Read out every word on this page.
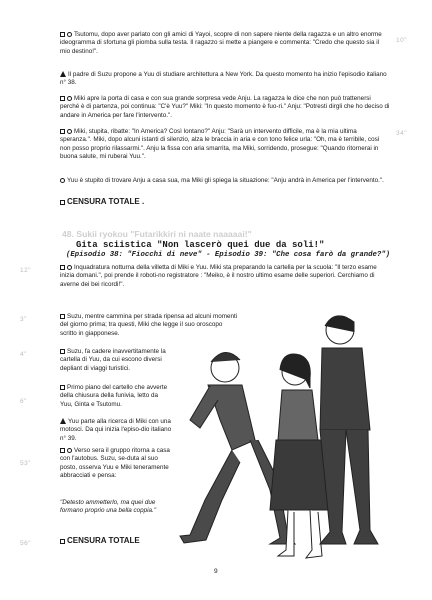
10"
34"
12"
3"
4"
6"
53"
56"

Tsutomu, dopo aver parlato con gli amici di Yayoi, scopre di non sapere niente della ragazza e un altro enorme ideogramma di sfortuna gli piomba sulla testa. Il ragazzo si mette a piangere e commenta: "Credo che questo sia il mio destino!".

Il padre di Suzu propone a Yuu di studiare architettura a New York. Da questo momento ha inizio l'episodio italiano n° 38.

Miki apre la porta di casa e con sua grande sorpresa vede Anju. La ragazza le dice che non può trattenersi perché è di partenza, poi continua: "C'è Yuu?" Miki: "In questo momento è fuo-ri." Anju: "Potresti dirgli che ho deciso di andare in America per fare l'intervento.".

Miki, stupita, ribatte: "In America? Così lontano?" Anju: "Sarà un intervento difficile, ma è la mia ultima speranza.". Miki, dopo alcuni istanti di silenzio, alza le braccia in aria e con tono felice urla: "Oh, ma è terribile, così non posso proprio rilassarmi.". Anju la fissa con aria smarrita, ma Miki, sorridendo, prosegue: "Quando ritornerai in buona salute, mi ruberai Yuu.".

Yuu è stupito di trovare Anju a casa sua, ma Miki gli spiega la situazione: "Anju andrà in America per l'intervento.".

CENSURA TOTALE .

48. Sukii ryokou "Futarikkiri ni naate naaaaai!"
Gita sciistica "Non lascerò quei due da soli!"
(Episodio 38: "Fiocchi di neve" - Episodio 39: "Che cosa farò da grande?")

Inquadratura notturna della villetta di Miki e Yuu. Miki sta preparando la cartella per la scuola: "Il terzo esame inizia domani.", poi prende il roboti-no registratore : "Meiko, è il nostro ultimo esame delle superiori. Cerchiamo di averne dei bei ricordi!".

Suzu, mentre cammina per strada ripensa ad alcuni momenti del giorno prima; tra questi, Miki che legge il suo oroscopo scritto in giapponese.

Suzu, fa cadere inavvertitamente la cartella di Yuu, da cui escono diversi depliant di viaggi turistici.

Primo piano del cartello che avverte della chiusura della funivia, letto da Yuu, Ginta e Tsutomu.

Yuu parte alla ricerca di Miki con una motosci. Da qui inizia l'episo-dio italiano n° 39.

Verso sera il gruppo ritorna a casa con l'autobus. Suzu, se-duta al suo posto, osserva Yuu e Miki teneramente abbracciati e pensa:

"Detesto ammetterlo, ma quei due formano proprio una bella coppia."

CENSURA TOTALE

9
